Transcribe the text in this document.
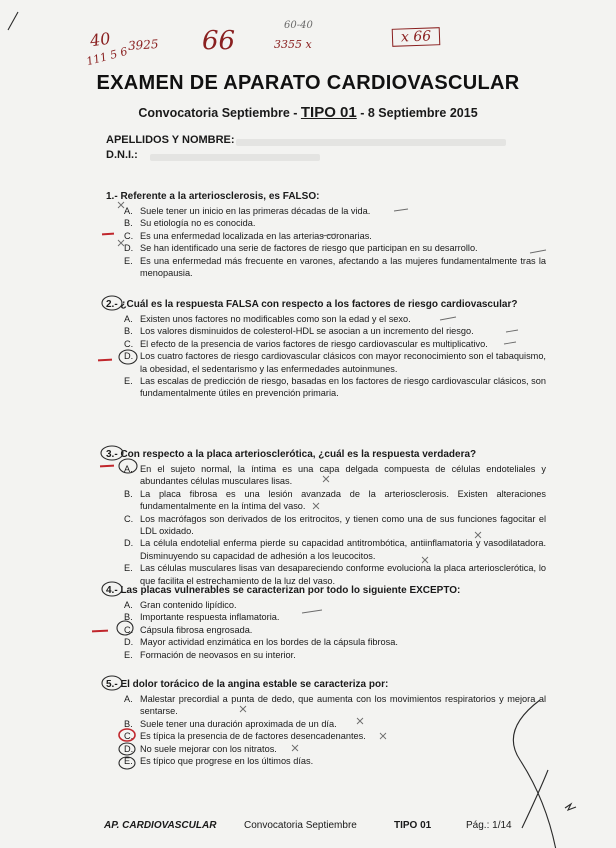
40
111 5 6
3925 66
60-40
3355 x	x 66
EXAMEN DE APARATO CARDIOVASCULAR
Convocatoria Septiembre - TIPO 01 - 8 Septiembre 2015
APELLIDOS Y NOMBRE:
D.N.I.:
1.- Referente a la arteriosclerosis, es FALSO:
A. Suele tener un inicio en las primeras décadas de la vida.
B. Su etiología no es conocida.
C. Es una enfermedad localizada en las arterias coronarias.
D. Se han identificado una serie de factores de riesgo que participan en su desarrollo.
E. Es una enfermedad más frecuente en varones, afectando a las mujeres fundamentalmente tras la menopausia.
2.- ¿Cuál es la respuesta FALSA con respecto a los factores de riesgo cardiovascular?
A. Existen unos factores no modificables como son la edad y el sexo.
B. Los valores disminuidos de colesterol-HDL se asocian a un incremento del riesgo.
C. El efecto de la presencia de varios factores de riesgo cardiovascular es multiplicativo.
D. Los cuatro factores de riesgo cardiovascular clásicos con mayor reconocimiento son el tabaquismo, la obesidad, el sedentarismo y las enfermedades autoinmunes.
E. Las escalas de predicción de riesgo, basadas en los factores de riesgo cardiovascular clásicos, son fundamentalmente útiles en prevención primaria.
3.- Con respecto a la placa arteriosclerótica, ¿cuál es la respuesta verdadera?
A. En el sujeto normal, la íntima es una capa delgada compuesta de células endoteliales y abundantes células musculares lisas.
B. La placa fibrosa es una lesión avanzada de la arteriosclerosis. Existen alteraciones fundamentalmente en la íntima del vaso.
C. Los macrófagos son derivados de los eritrocitos, y tienen como una de sus funciones fagocitar el LDL oxidado.
D. La célula endotelial enferma pierde su capacidad antitrombótica, antiinflamatoria y vasodilatadora. Disminuyendo su capacidad de adhesión a los leucocitos.
E. Las células musculares lisas van desapareciendo conforme evoluciona la placa arteriosclerótica, lo que facilita el estrechamiento de la luz del vaso.
4.- Las placas vulnerables se caracterizan por todo lo siguiente EXCEPTO:
A. Gran contenido lipídico.
B. Importante respuesta inflamatoria.
C. Cápsula fibrosa engrosada.
D. Mayor actividad enzimática en los bordes de la cápsula fibrosa.
E. Formación de neovasos en su interior.
5.- El dolor torácico de la angina estable se caracteriza por:
A. Malestar precordial a punta de dedo, que aumenta con los movimientos respiratorios y mejora al sentarse.
B. Suele tener una duración aproximada de un día.
C. Es típica la presencia de de factores desencadenantes.
D. No suele mejorar con los nitratos.
E. Es típico que progrese en los últimos días.
AP. CARDIOVASCULAR	Convocatoria Septiembre	TIPO 01	Pág.: 1/14
